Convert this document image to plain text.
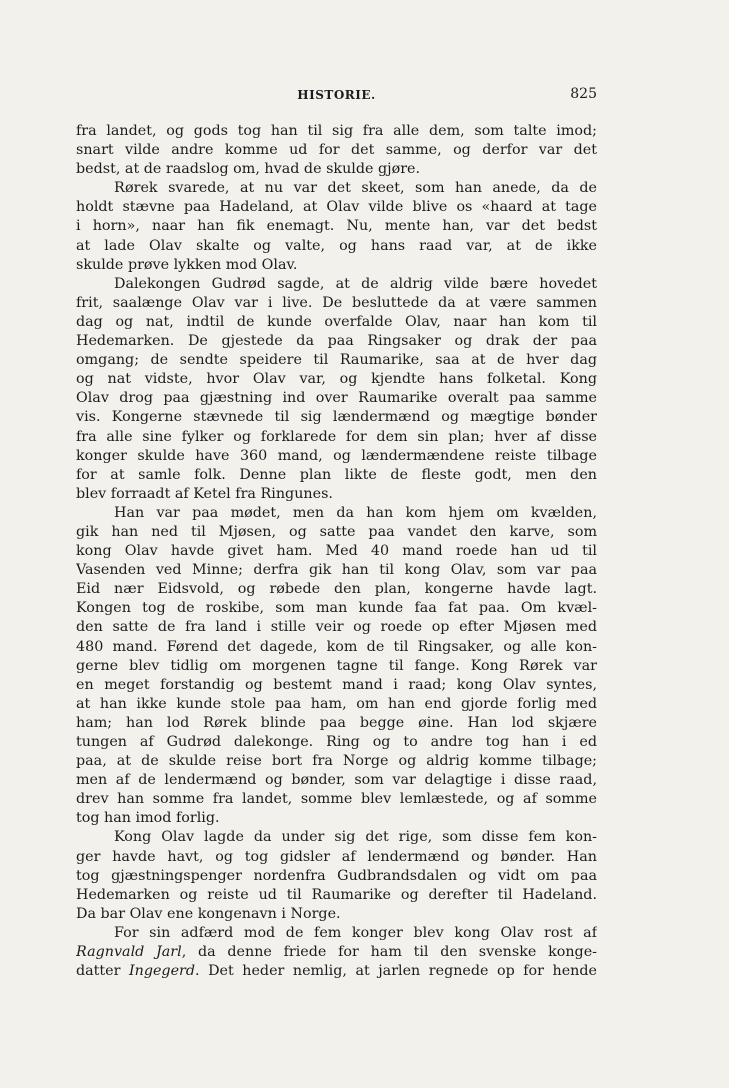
HISTORIE.	825
fra landet, og gods tog han til sig fra alle dem, som talte imod;
snart vilde andre komme ud for det samme, og derfor var det
bedst, at de raadslog om, hvad de skulde gjøre.
Rørek svarede, at nu var det skeet, som han anede, da de
holdt stævne paa Hadeland, at Olav vilde blive os «haard at tage
i horn», naar han fik enemagt. Nu, mente han, var det bedst
at lade Olav skalte og valte, og hans raad var, at de ikke
skulde prøve lykken mod Olav.
Dalekongen Gudrød sagde, at de aldrig vilde bære hovedet
frit, saalænge Olav var i live. De besluttede da at være sammen
dag og nat, indtil de kunde overfalde Olav, naar han kom til
Hedemarken. De gjestede da paa Ringsaker og drak der paa
omgang; de sendte speidere til Raumarike, saa at de hver dag
og nat vidste, hvor Olav var, og kjendte hans folketal. Kong
Olav drog paa gjæstning ind over Raumarike overalt paa samme
vis. Kongerne stævnede til sig lændermænd og mægtige bønder
fra alle sine fylker og forklarede for dem sin plan; hver af disse
konger skulde have 360 mand, og lændermændene reiste tilbage
for at samle folk. Denne plan likte de fleste godt, men den
blev forraadt af Ketel fra Ringunes.
Han var paa mødet, men da han kom hjem om kvælden,
gik han ned til Mjøsen, og satte paa vandet den karve, som
kong Olav havde givet ham. Med 40 mand roede han ud til
Vasenden ved Minne; derfra gik han til kong Olav, som var paa
Eid nær Eidsvold, og røbede den plan, kongerne havde lagt.
Kongen tog de roskibe, som man kunde faa fat paa. Om kvæl-
den satte de fra land i stille veir og roede op efter Mjøsen med
480 mand. Førend det dagede, kom de til Ringsaker, og alle kon-
gerne blev tidlig om morgenen tagne til fange. Kong Rørek var
en meget forstandig og bestemt mand i raad; kong Olav syntes,
at han ikke kunde stole paa ham, om han end gjorde forlig med
ham; han lod Rørek blinde paa begge øine. Han lod skjære
tungen af Gudrød dalekonge. Ring og to andre tog han i ed
paa, at de skulde reise bort fra Norge og aldrig komme tilbage;
men af de lendermænd og bønder, som var delagtige i disse raad,
drev han somme fra landet, somme blev lemlæstede, og af somme
tog han imod forlig.
Kong Olav lagde da under sig det rige, som disse fem kon-
ger havde havt, og tog gidsler af lendermænd og bønder. Han
tog gjæstningspenger nordenfra Gudbrandsdalen og vidt om paa
Hedemarken og reiste ud til Raumarike og derefter til Hadeland.
Da bar Olav ene kongenavn i Norge.
For sin adfærd mod de fem konger blev kong Olav rost af
Ragnvald Jarl, da denne friede for ham til den svenske konge-
datter Ingegerd. Det heder nemlig, at jarlen regnede op for hende
